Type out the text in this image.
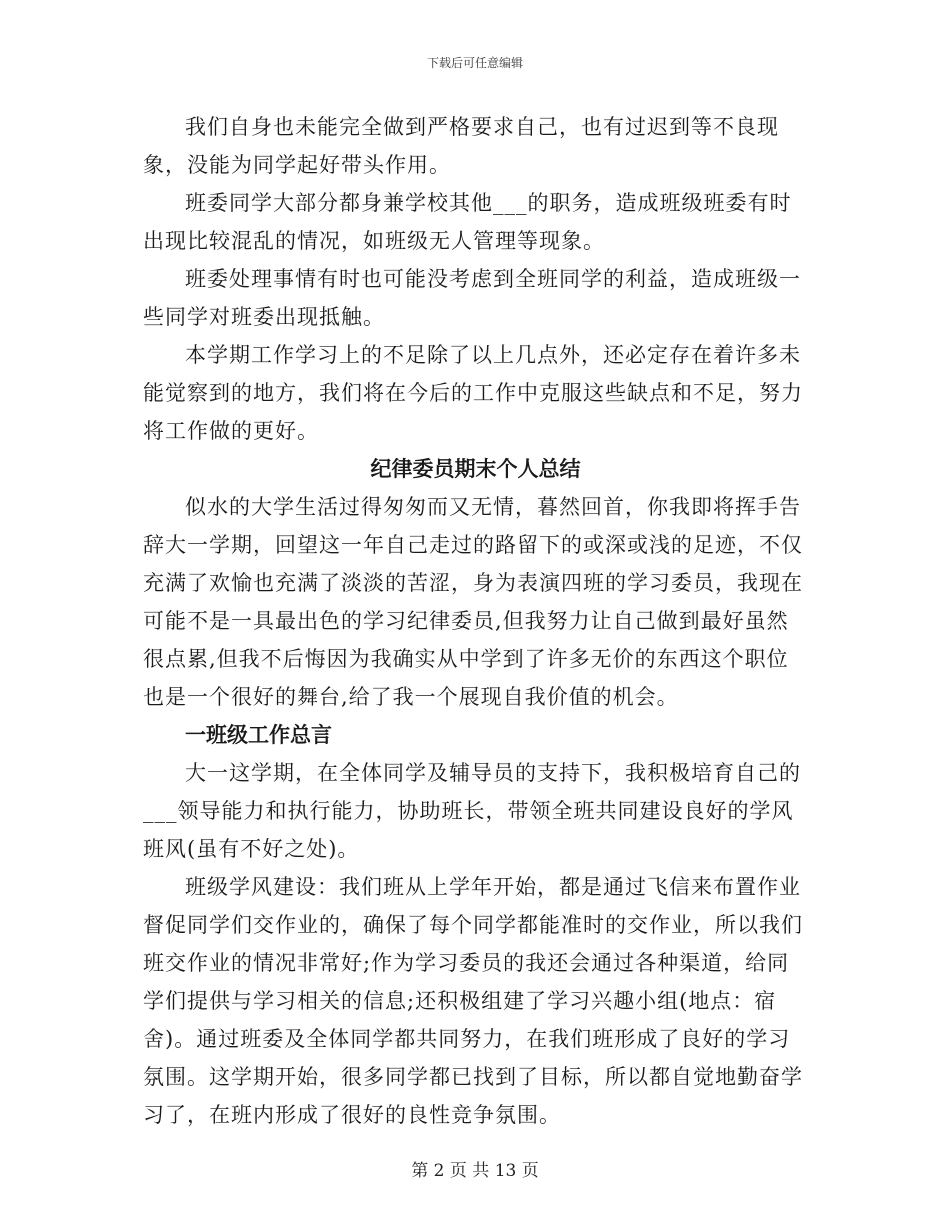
下载后可任意编辑

我们自身也未能完全做到严格要求自己，也有过迟到等不良现象，没能为同学起好带头作用。

班委同学大部分都身兼学校其他___的职务，造成班级班委有时出现比较混乱的情况，如班级无人管理等现象。

班委处理事情有时也可能没考虑到全班同学的利益，造成班级一些同学对班委出现抵触。

本学期工作学习上的不足除了以上几点外，还必定存在着许多未能觉察到的地方，我们将在今后的工作中克服这些缺点和不足，努力将工作做的更好。

纪律委员期末个人总结

似水的大学生活过得匆匆而又无情，暮然回首，你我即将挥手告辞大一学期，回望这一年自己走过的路留下的或深或浅的足迹，不仅充满了欢愉也充满了淡淡的苦涩，身为表演四班的学习委员，我现在可能不是一具最出色的学习纪律委员,但我努力让自己做到最好虽然很点累,但我不后悔因为我确实从中学到了许多无价的东西这个职位也是一个很好的舞台,给了我一个展现自我价值的机会。

一班级工作总言

大一这学期，在全体同学及辅导员的支持下，我积极培育自己的___领导能力和执行能力，协助班长，带领全班共同建设良好的学风班风(虽有不好之处)。

班级学风建设：我们班从上学年开始，都是通过飞信来布置作业督促同学们交作业的，确保了每个同学都能准时的交作业，所以我们班交作业的情况非常好;作为学习委员的我还会通过各种渠道，给同学们提供与学习相关的信息;还积极组建了学习兴趣小组(地点：宿舍)。通过班委及全体同学都共同努力，在我们班形成了良好的学习氛围。这学期开始，很多同学都已找到了目标，所以都自觉地勤奋学习了，在班内形成了很好的良性竞争氛围。

第 2 页 共 13 页
